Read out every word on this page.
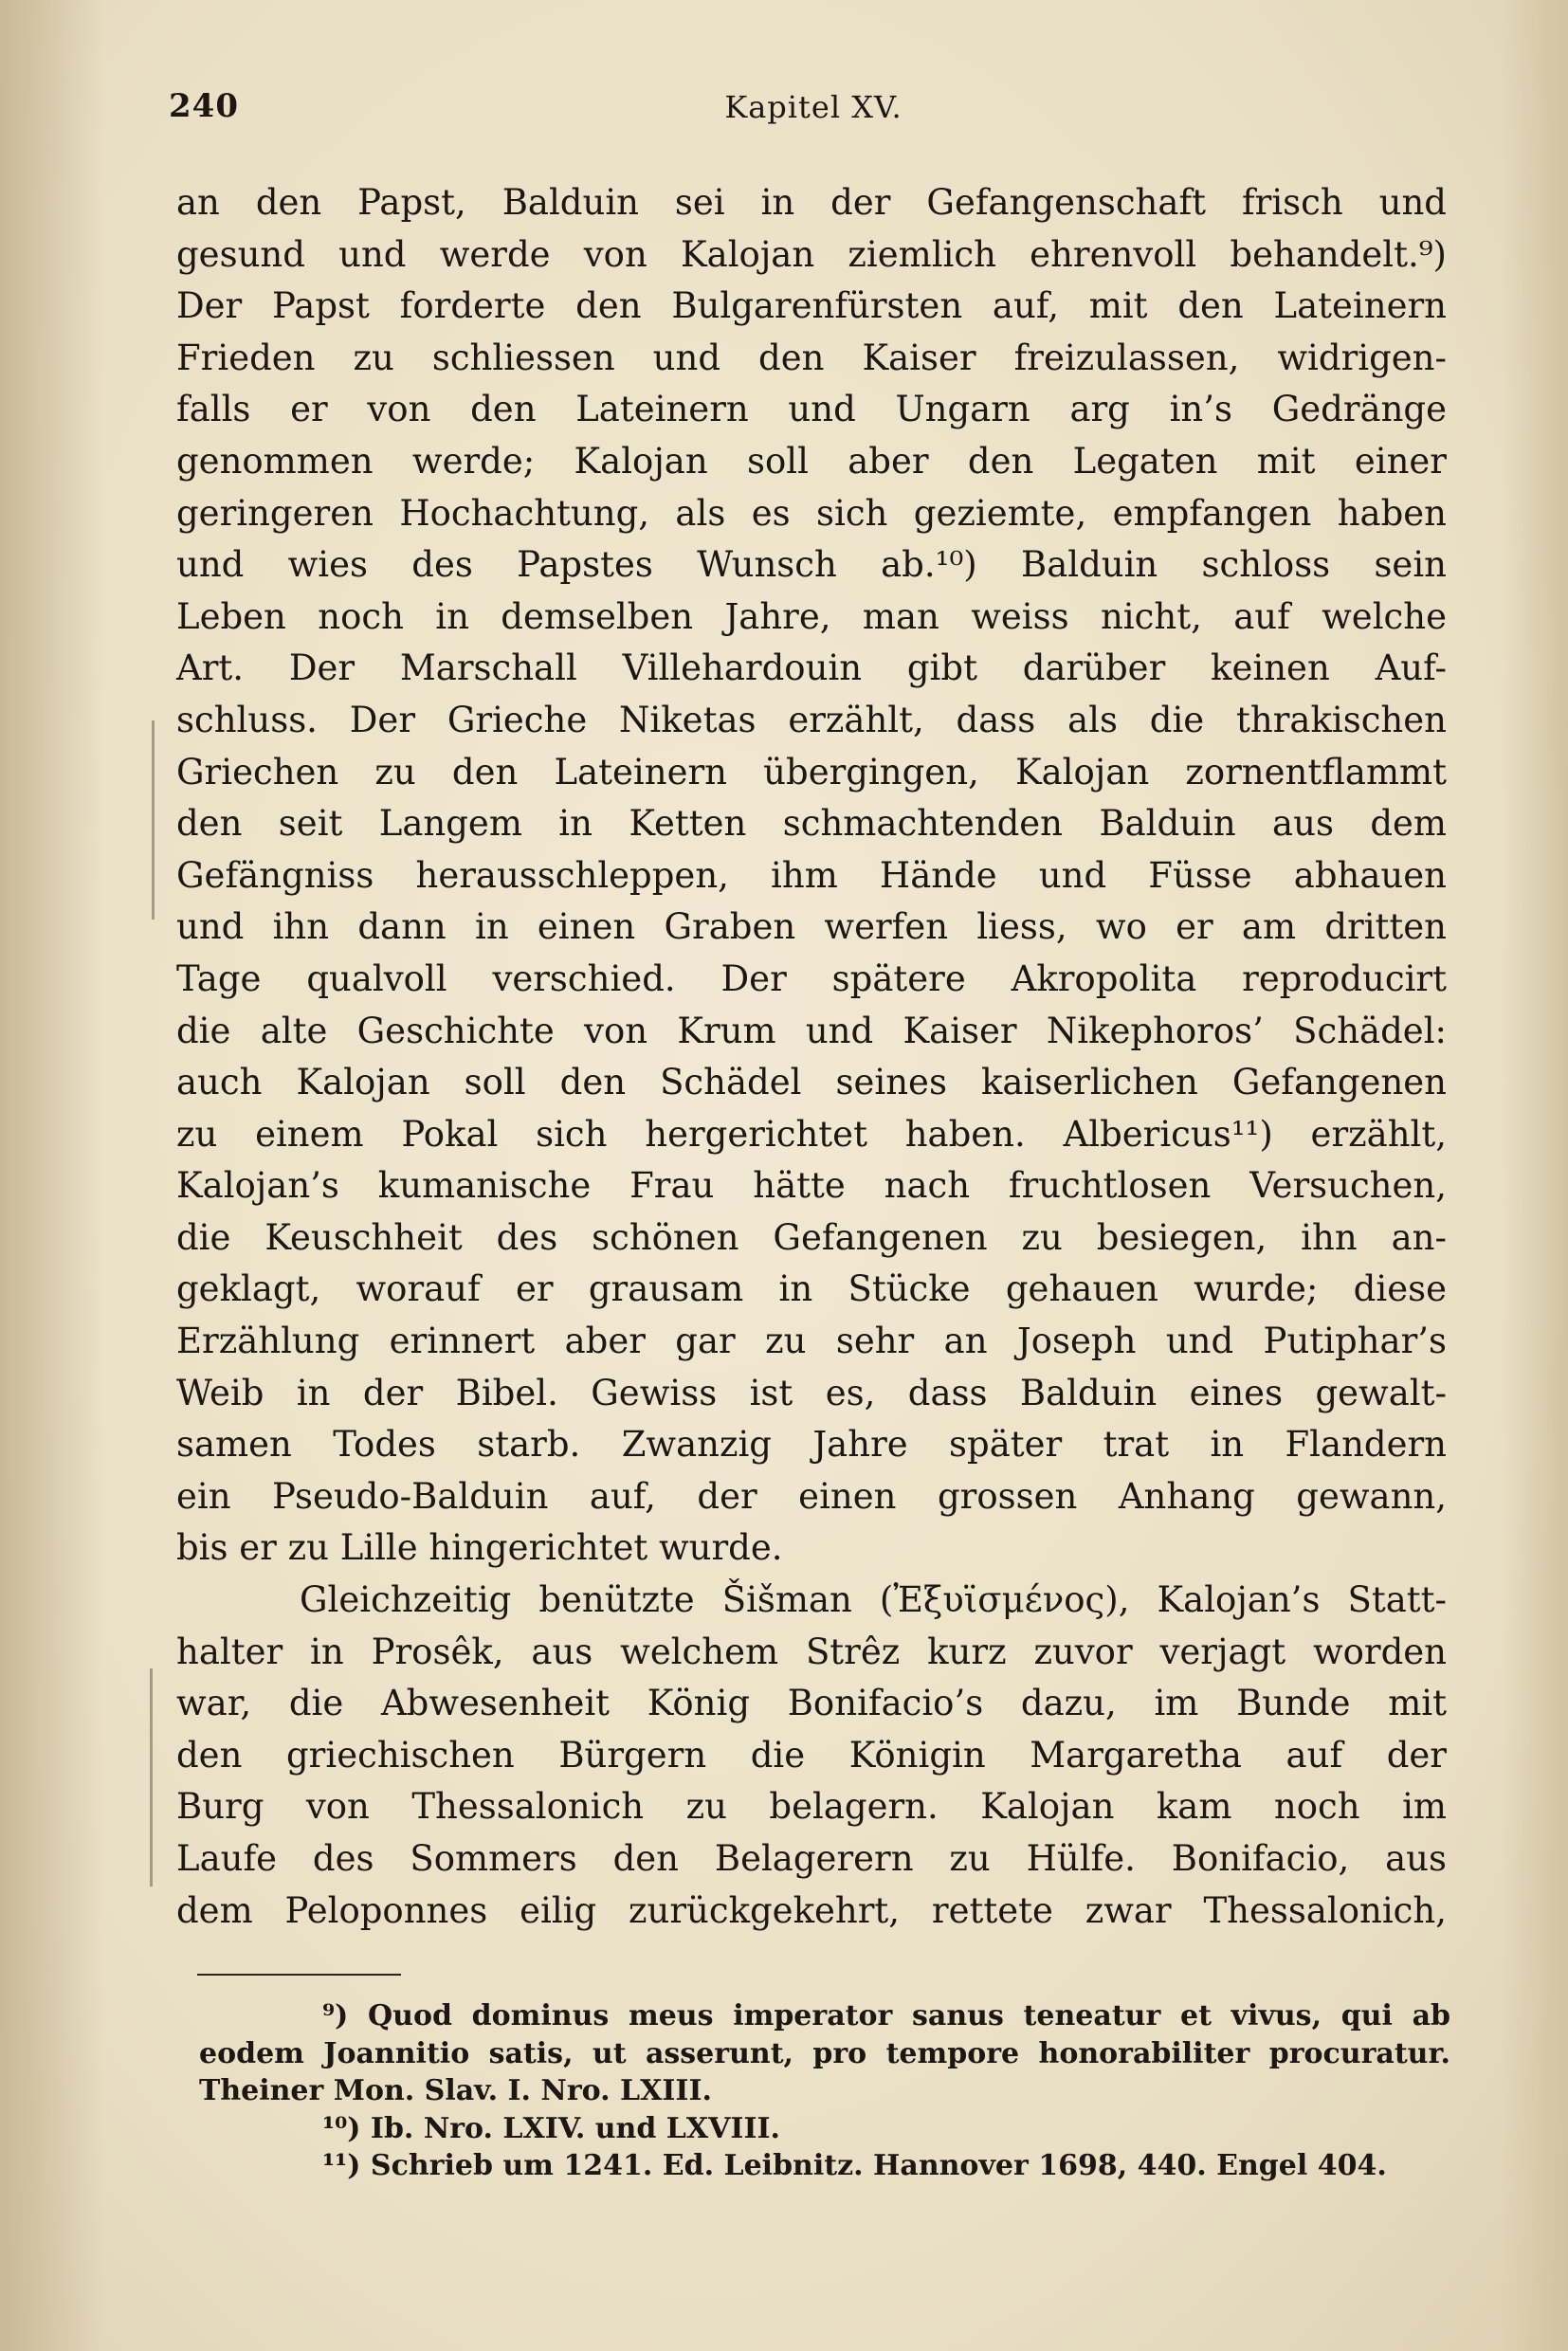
240	Kapitel XV.
an den Papst, Balduin sei in der Gefangenschaft frisch und
gesund und werde von Kalojan ziemlich ehrenvoll behandelt.⁹)
Der Papst forderte den Bulgarenfürsten auf, mit den Lateinern
Frieden zu schliessen und den Kaiser freizulassen, widrigen-
falls er von den Lateinern und Ungarn arg in’s Gedränge
genommen werde; Kalojan soll aber den Legaten mit einer
geringeren Hochachtung, als es sich geziemte, empfangen haben
und wies des Papstes Wunsch ab.¹⁰) Balduin schloss sein
Leben noch in demselben Jahre, man weiss nicht, auf welche
Art. Der Marschall Villehardouin gibt darüber keinen Auf-
schluss. Der Grieche Niketas erzählt, dass als die thrakischen
Griechen zu den Lateinern übergingen, Kalojan zornentflammt
den seit Langem in Ketten schmachtenden Balduin aus dem
Gefängniss herausschleppen, ihm Hände und Füsse abhauen
und ihn dann in einen Graben werfen liess, wo er am dritten
Tage qualvoll verschied. Der spätere Akropolita reproducirt
die alte Geschichte von Krum und Kaiser Nikephoros’ Schädel:
auch Kalojan soll den Schädel seines kaiserlichen Gefangenen
zu einem Pokal sich hergerichtet haben. Albericus¹¹) erzählt,
Kalojan’s kumanische Frau hätte nach fruchtlosen Versuchen,
die Keuschheit des schönen Gefangenen zu besiegen, ihn an-
geklagt, worauf er grausam in Stücke gehauen wurde; diese
Erzählung erinnert aber gar zu sehr an Joseph und Putiphar’s
Weib in der Bibel. Gewiss ist es, dass Balduin eines gewalt-
samen Todes starb. Zwanzig Jahre später trat in Flandern
ein Pseudo-Balduin auf, der einen grossen Anhang gewann,
bis er zu Lille hingerichtet wurde.
Gleichzeitig benützte Šišman (Ἐξυϊσμένος), Kalojan’s Statt-
halter in Prosêk, aus welchem Strêz kurz zuvor verjagt worden
war, die Abwesenheit König Bonifacio’s dazu, im Bunde mit
den griechischen Bürgern die Königin Margaretha auf der
Burg von Thessalonich zu belagern. Kalojan kam noch im
Laufe des Sommers den Belagerern zu Hülfe. Bonifacio, aus
dem Peloponnes eilig zurückgekehrt, rettete zwar Thessalonich,
⁹) Quod dominus meus imperator sanus teneatur et vivus, qui ab
eodem Joannitio satis, ut asserunt, pro tempore honorabiliter procuratur.
Theiner Mon. Slav. I. Nro. LXIII.
¹⁰) Ib. Nro. LXIV. und LXVIII.
¹¹) Schrieb um 1241. Ed. Leibnitz. Hannover 1698, 440. Engel 404.
